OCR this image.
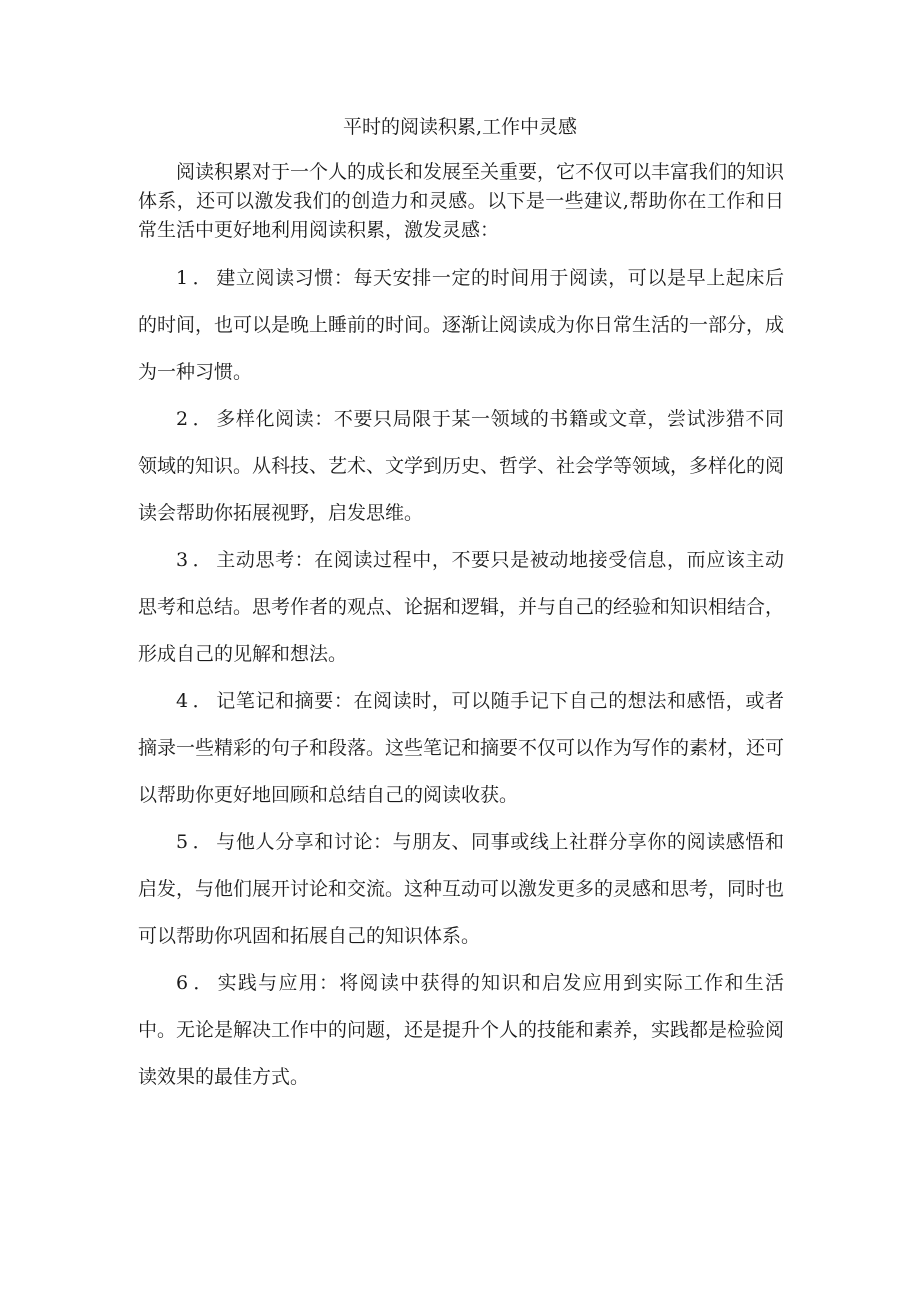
平时的阅读积累,工作中灵感

阅读积累对于一个人的成长和发展至关重要，它不仅可以丰富我们的知识体系，还可以激发我们的创造力和灵感。以下是一些建议,帮助你在工作和日常生活中更好地利用阅读积累，激发灵感：

1．建立阅读习惯：每天安排一定的时间用于阅读，可以是早上起床后的时间，也可以是晚上睡前的时间。逐渐让阅读成为你日常生活的一部分，成为一种习惯。

2．多样化阅读：不要只局限于某一领域的书籍或文章，尝试涉猎不同领域的知识。从科技、艺术、文学到历史、哲学、社会学等领域，多样化的阅读会帮助你拓展视野，启发思维。

3．主动思考：在阅读过程中，不要只是被动地接受信息，而应该主动思考和总结。思考作者的观点、论据和逻辑，并与自己的经验和知识相结合，形成自己的见解和想法。

4．记笔记和摘要：在阅读时，可以随手记下自己的想法和感悟，或者摘录一些精彩的句子和段落。这些笔记和摘要不仅可以作为写作的素材，还可以帮助你更好地回顾和总结自己的阅读收获。

5．与他人分享和讨论：与朋友、同事或线上社群分享你的阅读感悟和启发，与他们展开讨论和交流。这种互动可以激发更多的灵感和思考，同时也可以帮助你巩固和拓展自己的知识体系。

6．实践与应用：将阅读中获得的知识和启发应用到实际工作和生活中。无论是解决工作中的问题，还是提升个人的技能和素养，实践都是检验阅读效果的最佳方式。
